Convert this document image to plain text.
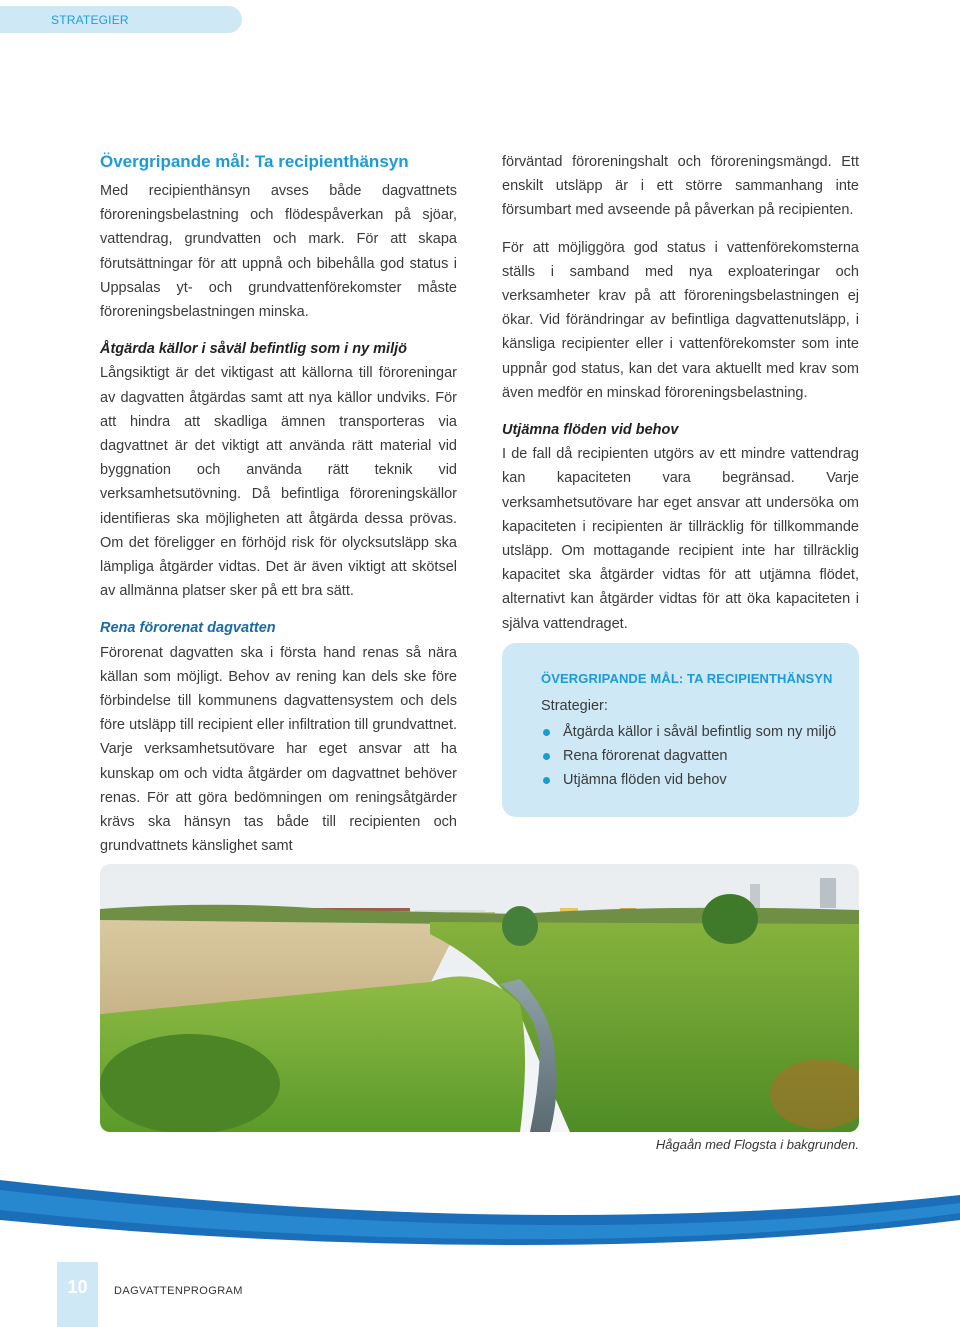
STRATEGIER
Övergripande mål: Ta recipienthänsyn

Med recipienthänsyn avses både dagvattnets föroreningsbelastning och flödespåverkan på sjöar, vattendrag, grundvatten och mark. För att skapa förutsättningar för att uppnå och bibehålla god status i Uppsalas yt- och grundvattenförekomster måste föroreningsbelastningen minska.

Åtgärda källor i såväl befintlig som i ny miljö

Långsiktigt är det viktigast att källorna till föroreningar av dagvatten åtgärdas samt att nya källor undviks. För att hindra att skadliga ämnen transporteras via dagvattnet är det viktigt att använda rätt material vid byggnation och använda rätt teknik vid verksamhetsutövning. Då befintliga föroreningskällor identifieras ska möjligheten att åtgärda dessa prövas. Om det föreligger en förhöjd risk för olycksutsläpp ska lämpliga åtgärder vidtas. Det är även viktigt att skötsel av allmänna platser sker på ett bra sätt.

Rena förorenat dagvatten

Förorenat dagvatten ska i första hand renas så nära källan som möjligt. Behov av rening kan dels ske före förbindelse till kommunens dagvattensystem och dels före utsläpp till recipient eller infiltration till grundvattnet. Varje verksamhetsutövare har eget ansvar att ha kunskap om och vidta åtgärder om dagvattnet behöver renas. För att göra bedömningen om reningsåtgärder krävs ska hänsyn tas både till recipienten och grundvattnets känslighet samt

förväntad föroreningshalt och föroreningsmängd. Ett enskilt utsläpp är i ett större sammanhang inte försumbart med avseende på påverkan på recipienten.

För att möjliggöra god status i vattenförekomsterna ställs i samband med nya exploateringar och verksamheter krav på att föroreningsbelastningen ej ökar. Vid förändringar av befintliga dagvattenutsläpp, i känsliga recipienter eller i vattenförekomster som inte uppnår god status, kan det vara aktuellt med krav som även medför en minskad föroreningsbelastning.

Utjämna flöden vid behov

I de fall då recipienten utgörs av ett mindre vattendrag kan kapaciteten vara begränsad. Varje verksamhetsutövare har eget ansvar att undersöka om kapaciteten i recipienten är tillräcklig för tillkommande utsläpp. Om mottagande recipient inte har tillräcklig kapacitet ska åtgärder vidtas för att utjämna flödet, alternativt kan åtgärder vidtas för att öka kapaciteten i själva vattendraget.

ÖVERGRIPANDE MÅL: TA RECIPIENTHÄNSYN
Strategier:
Åtgärda källor i såväl befintlig som ny miljö
Rena förorenat dagvatten
Utjämna flöden vid behov
Hågaån med Flogsta i bakgrunden.
10	DAGVATTENPROGRAM
